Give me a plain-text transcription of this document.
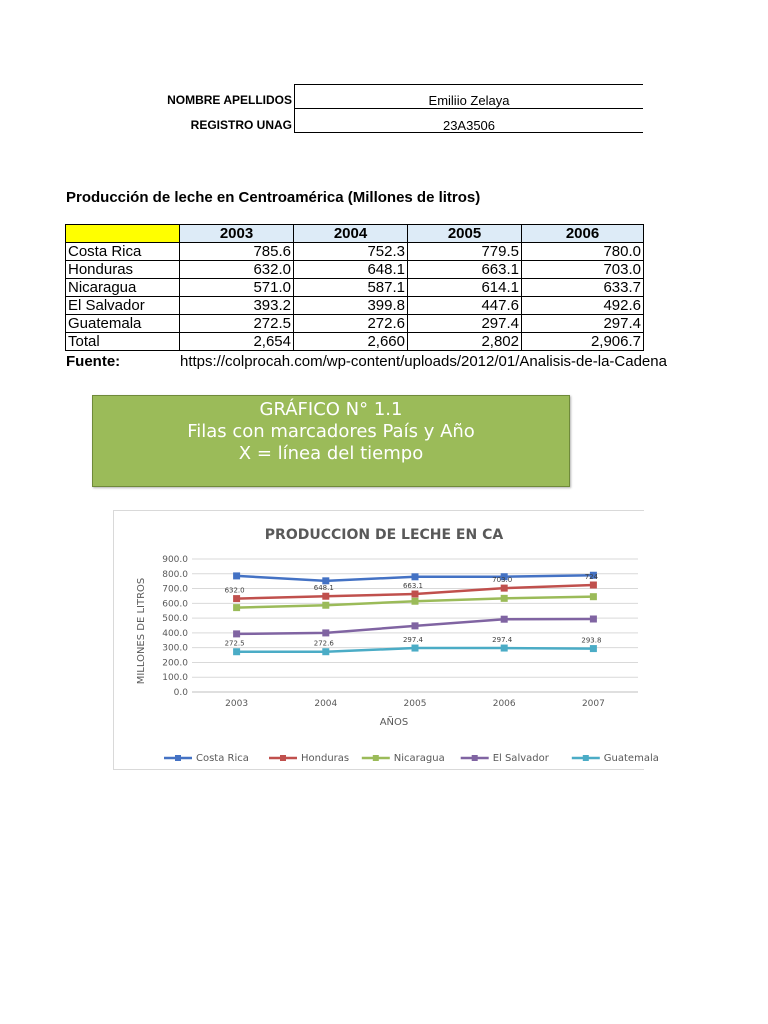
NOMBRE APELLIDOS	Emiliio Zelaya
REGISTRO UNAG	23A3506
Producción de leche en Centroamérica (Millones de litros)
	2003	2004	2005	2006
Costa Rica	785.6	752.3	779.5	780.0
Honduras	632.0	648.1	663.1	703.0
Nicaragua	571.0	587.1	614.1	633.7
El Salvador	393.2	399.8	447.6	492.6
Guatemala	272.5	272.6	297.4	297.4
Total	2,654	2,660	2,802	2,906.7
Fuente:	https://colprocah.com/wp-content/uploads/2012/01/Analisis-de-la-Cadena
GRÁFICO N° 1.1
Filas con marcadores País y Año
X = línea del tiempo
PRODUCCION DE LECHE EN CA
0.0
100.0
200.0
300.0
400.0
500.0
600.0
700.0
800.0
900.0
2003	2004	2005	2006	2007
AÑOS
MILLONES DE LITROS	632.0	648.1	663.1
703.0	724
272.5	272.6	297.4	297.4	293.8
Costa Rica	Honduras	Nicaragua	El Salvador	Guatemala
